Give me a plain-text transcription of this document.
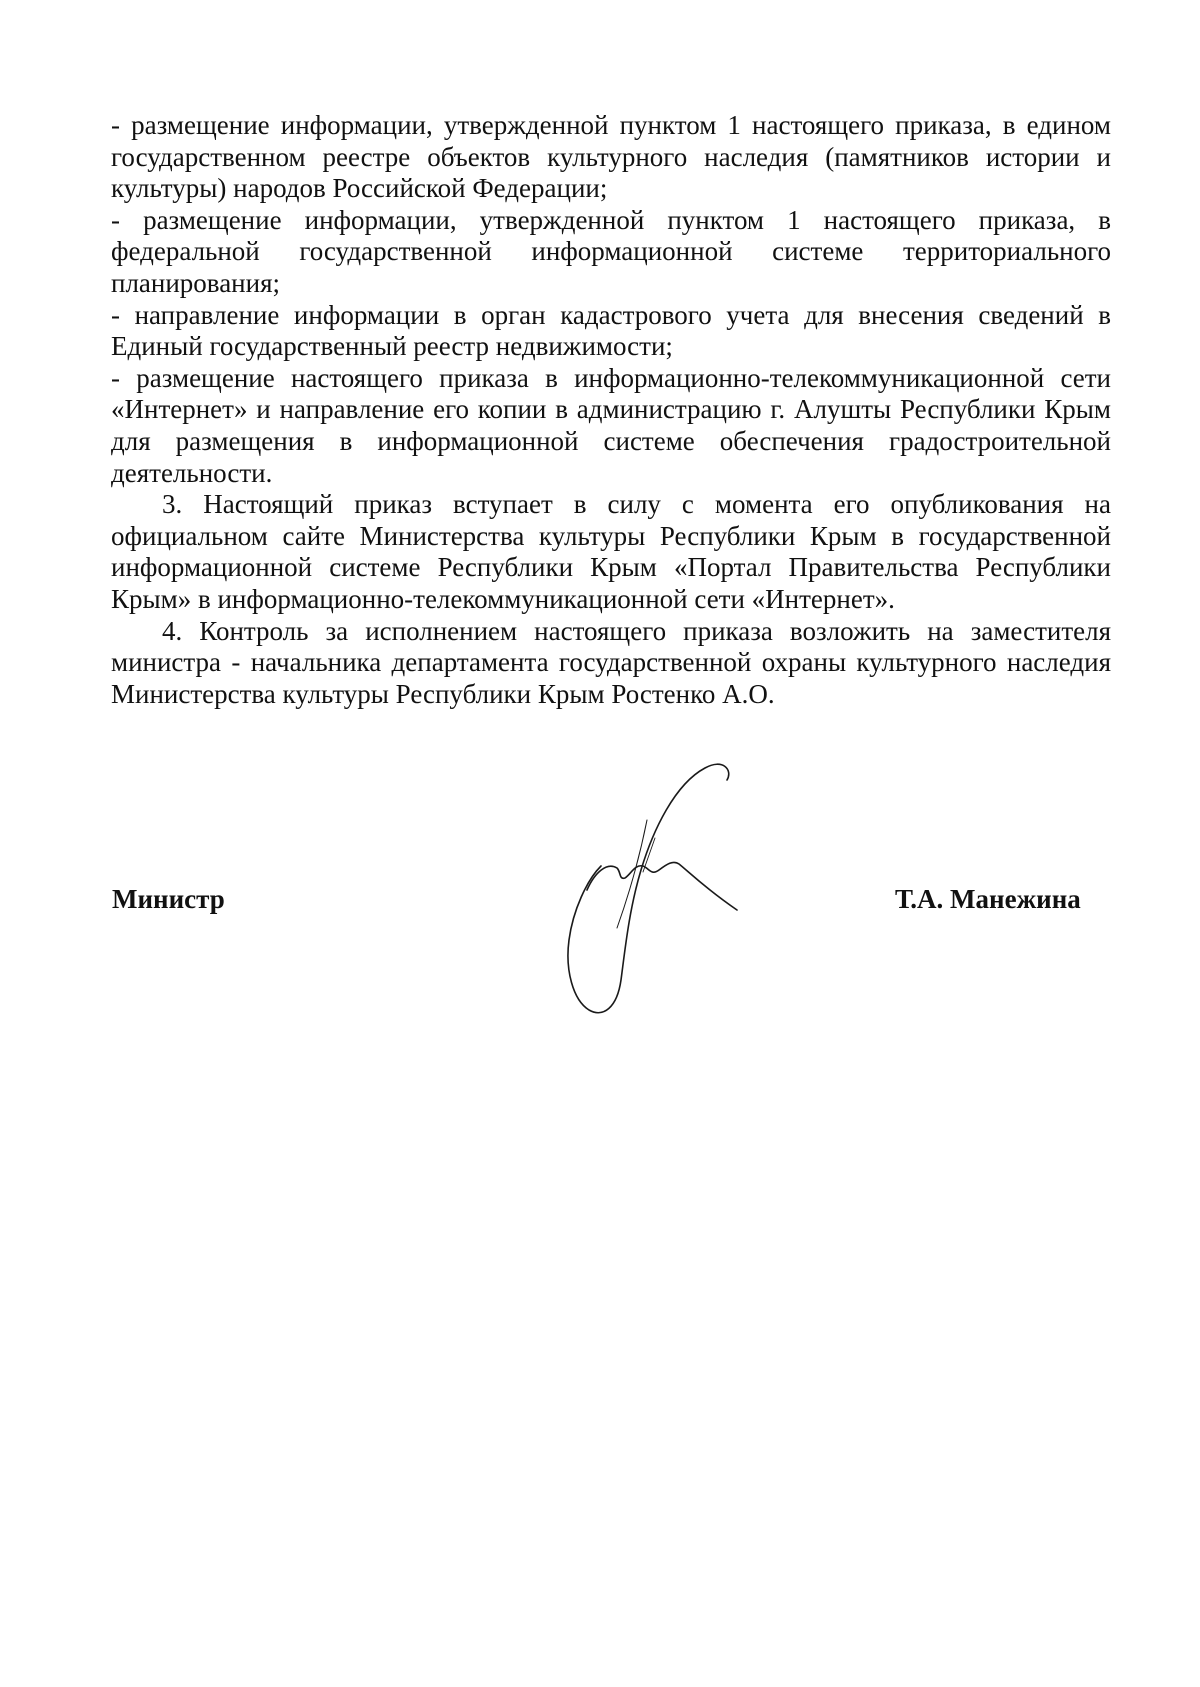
- размещение информации, утвержденной пунктом 1 настоящего приказа, в едином государственном реестре объектов культурного наследия (памятников истории и культуры) народов Российской Федерации;

- размещение информации, утвержденной пунктом 1 настоящего приказа, в федеральной государственной информационной системе территориального планирования;

- направление информации в орган кадастрового учета для внесения сведений в Единый государственный реестр недвижимости;

- размещение настоящего приказа в информационно-телекоммуникационной сети «Интернет» и направление его копии в администрацию г. Алушты Республики Крым для размещения в информационной системе обеспечения градостроительной деятельности.

3. Настоящий приказ вступает в силу с момента его опубликования на официальном сайте Министерства культуры Республики Крым в государственной информационной системе Республики Крым «Портал Правительства Республики Крым» в информационно-телекоммуникационной сети «Интернет».

4. Контроль за исполнением настоящего приказа возложить на заместителя министра - начальника департамента государственной охраны культурного наследия Министерства культуры Республики Крым Ростенко А.О.

Министр	Т.А. Манежина
